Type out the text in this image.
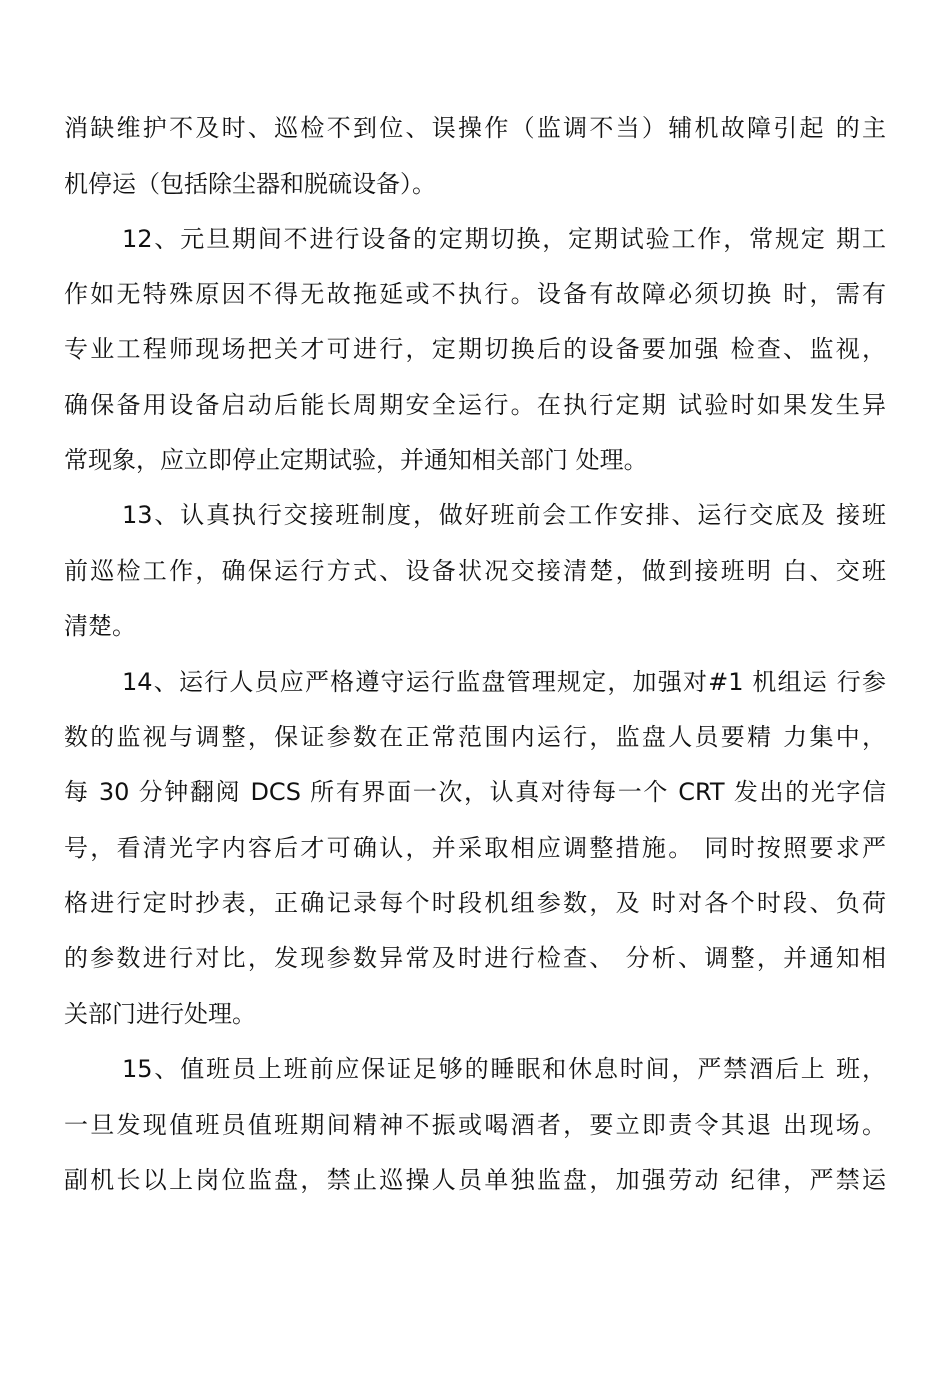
消缺维护不及时、巡检不到位、误操作（监调不当）辅机故障引起 的主
机停运（包括除尘器和脱硫设备）。
12、元旦期间不进行设备的定期切换，定期试验工作，常规定 期工
作如无特殊原因不得无故拖延或不执行。设备有故障必须切换 时，需有
专业工程师现场把关才可进行，定期切换后的设备要加强 检查、监视，
确保备用设备启动后能长周期安全运行。在执行定期 试验时如果发生异
常现象，应立即停止定期试验，并通知相关部门 处理。
13、认真执行交接班制度，做好班前会工作安排、运行交底及 接班
前巡检工作，确保运行方式、设备状况交接清楚，做到接班明 白、交班
清楚。
14、运行人员应严格遵守运行监盘管理规定，加强对#1 机组运 行参
数的监视与调整，保证参数在正常范围内运行，监盘人员要精 力集中，
每 30 分钟翻阅 DCS 所有界面一次，认真对待每一个 CRT 发出的光字信
号，看清光字内容后才可确认，并采取相应调整措施。 同时按照要求严
格进行定时抄表，正确记录每个时段机组参数，及 时对各个时段、负荷
的参数进行对比，发现参数异常及时进行检查、 分析、调整，并通知相
关部门进行处理。
15、值班员上班前应保证足够的睡眠和休息时间，严禁酒后上 班，
一旦发现值班员值班期间精神不振或喝酒者，要立即责令其退 出现场。
副机长以上岗位监盘，禁止巡操人员单独监盘，加强劳动 纪律，严禁运
